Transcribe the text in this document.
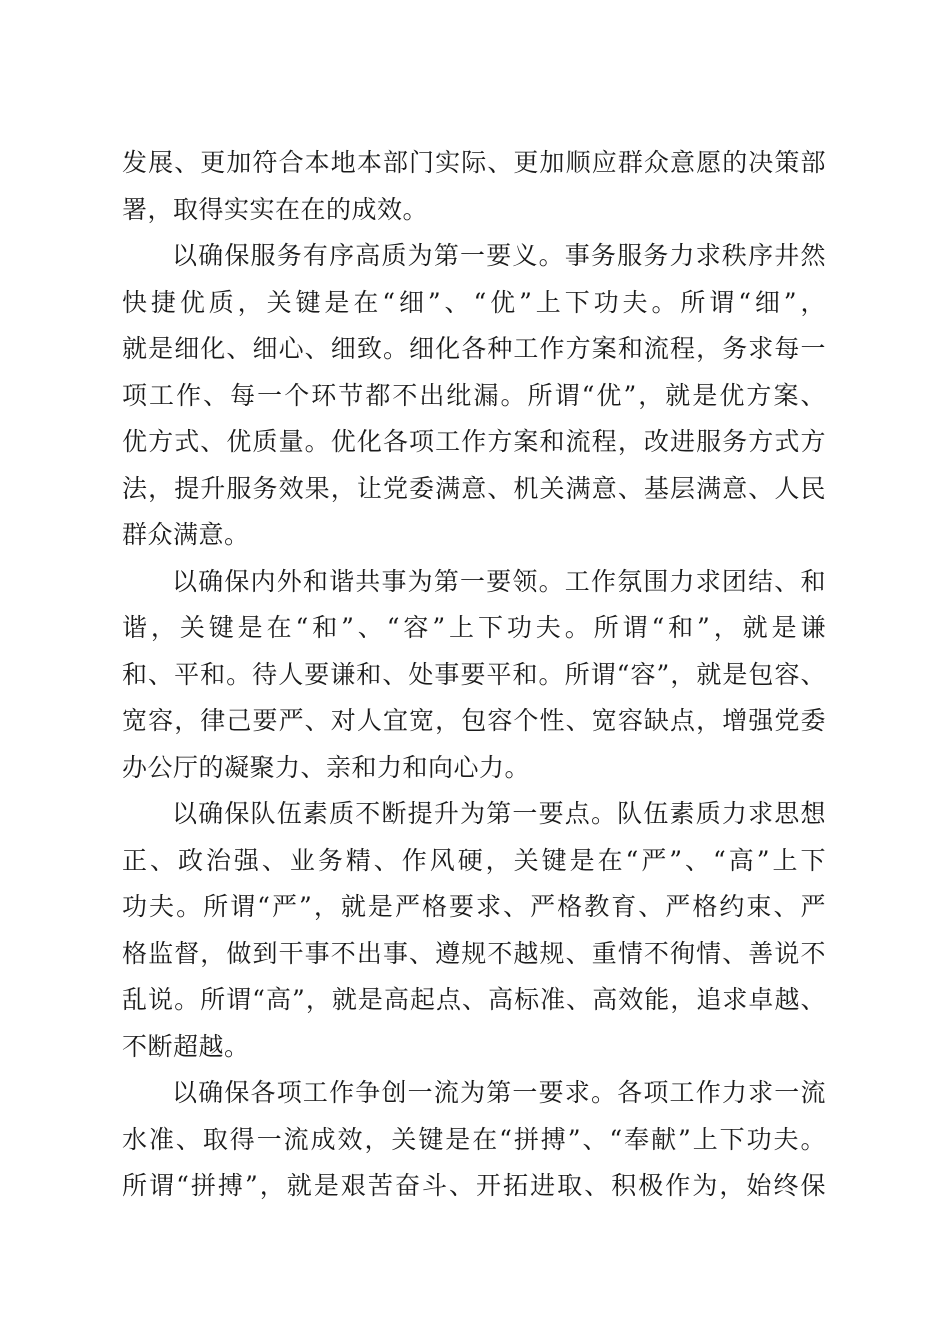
发展、更加符合本地本部门实际、更加顺应群众意愿的决策部
署，取得实实在在的成效。
以确保服务有序高质为第一要义。事务服务力求秩序井然
快捷优质，关键是在“细”、“优”上下功夫。所谓“细”，
就是细化、细心、细致。细化各种工作方案和流程，务求每一
项工作、每一个环节都不出纰漏。所谓“优”，就是优方案、
优方式、优质量。优化各项工作方案和流程，改进服务方式方
法，提升服务效果，让党委满意、机关满意、基层满意、人民
群众满意。
以确保内外和谐共事为第一要领。工作氛围力求团结、和
谐，关键是在“和”、“容”上下功夫。所谓“和”，就是谦
和、平和。待人要谦和、处事要平和。所谓“容”，就是包容、
宽容，律己要严、对人宜宽，包容个性、宽容缺点，增强党委
办公厅的凝聚力、亲和力和向心力。
以确保队伍素质不断提升为第一要点。队伍素质力求思想
正、政治强、业务精、作风硬，关键是在“严”、“高”上下
功夫。所谓“严”，就是严格要求、严格教育、严格约束、严
格监督，做到干事不出事、遵规不越规、重情不徇情、善说不
乱说。所谓“高”，就是高起点、高标准、高效能，追求卓越、
不断超越。
以确保各项工作争创一流为第一要求。各项工作力求一流
水准、取得一流成效，关键是在“拼搏”、“奉献”上下功夫。
所谓“拼搏”，就是艰苦奋斗、开拓进取、积极作为，始终保
